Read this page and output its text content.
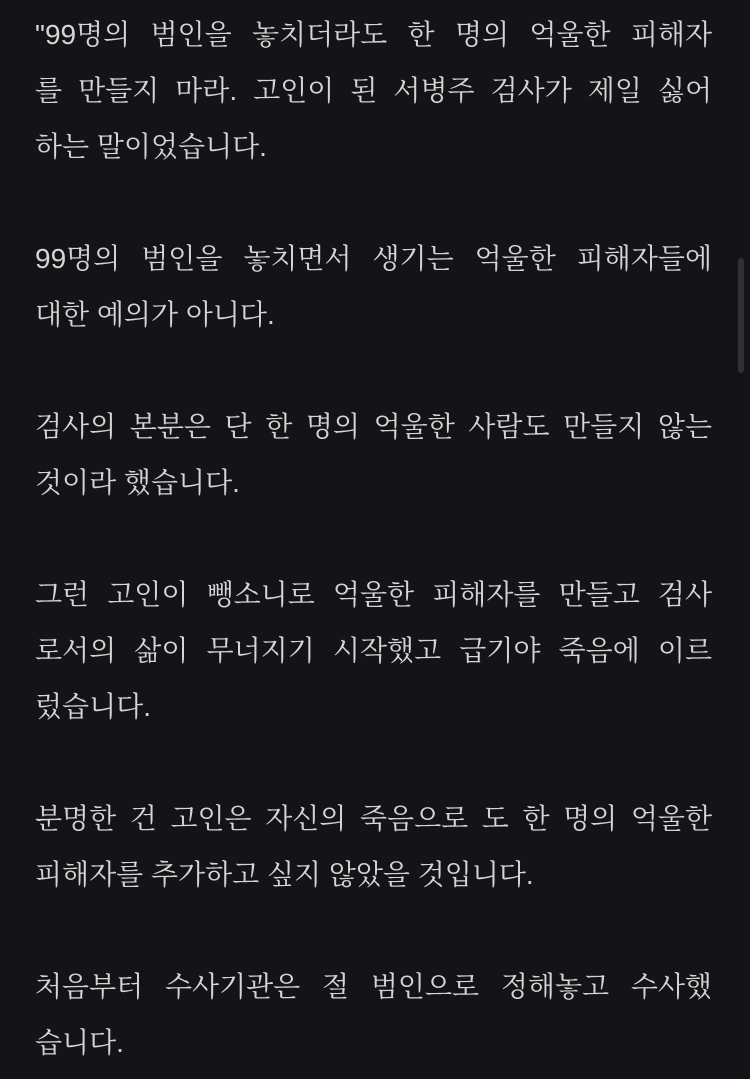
"99명의 범인을 놓치더라도 한 명의 억울한 피해자
를 만들지 마라. 고인이 된 서병주 검사가 제일 싫어
하는 말이었습니다.

99명의 범인을 놓치면서 생기는 억울한 피해자들에
대한 예의가 아니다.

검사의 본분은 단 한 명의 억울한 사람도 만들지 않는
것이라 했습니다.

그런 고인이 뺑소니로 억울한 피해자를 만들고 검사
로서의 삶이 무너지기 시작했고 급기야 죽음에 이르
렀습니다.

분명한 건 고인은 자신의 죽음으로 도 한 명의 억울한
피해자를 추가하고 싶지 않았을 것입니다.

처음부터 수사기관은 절 범인으로 정해놓고 수사했
습니다.
